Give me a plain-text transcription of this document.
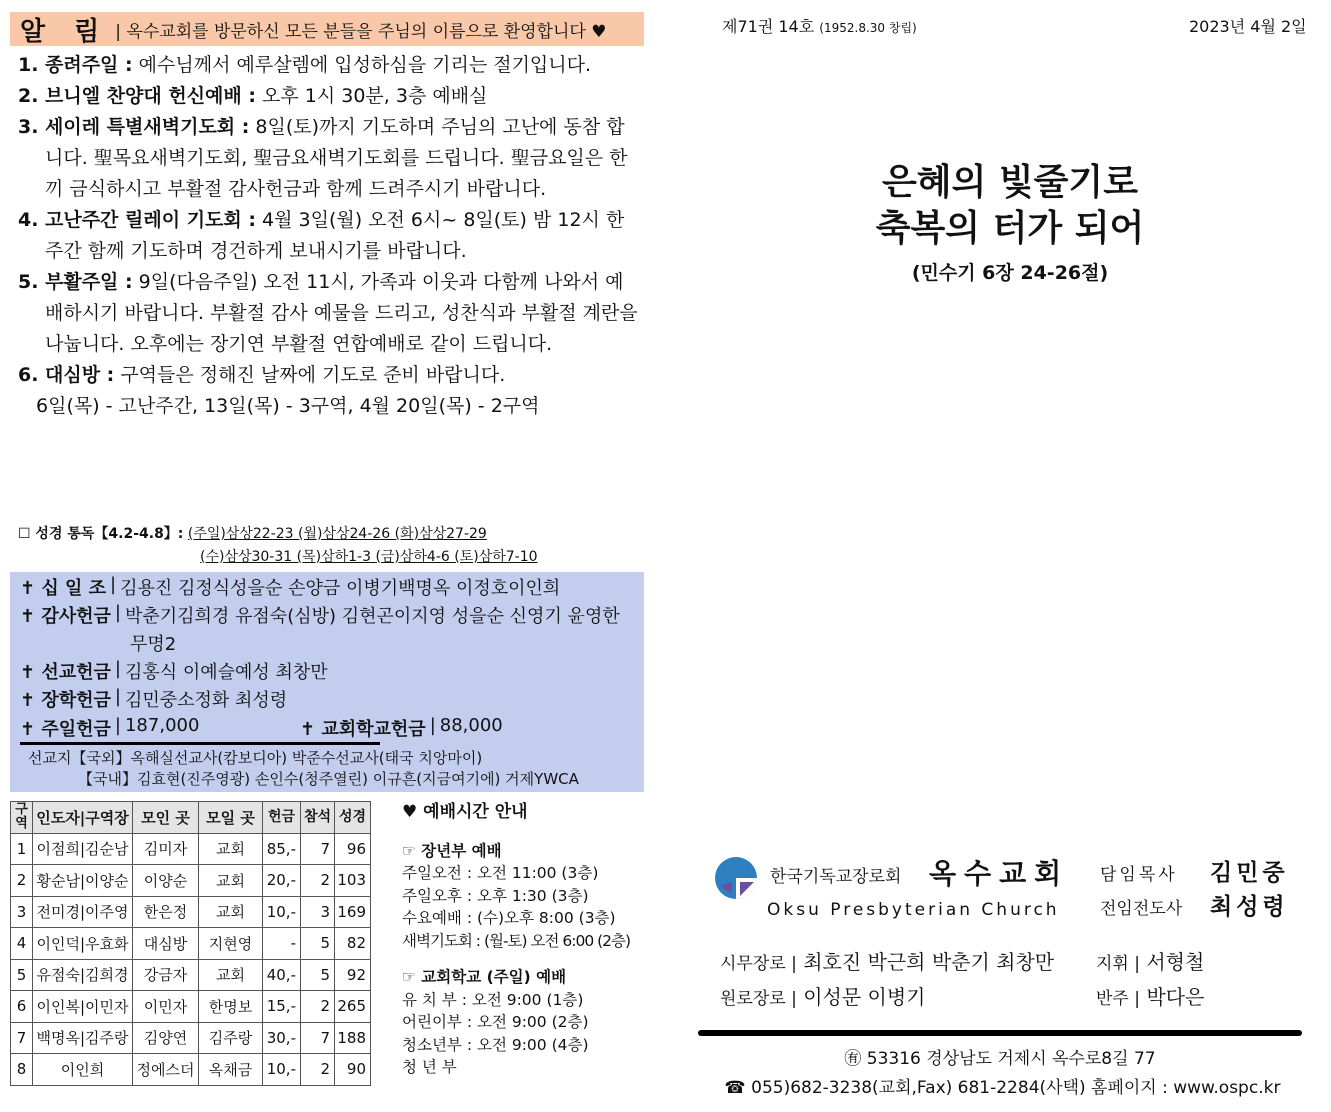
알 림 | 옥수교회를 방문하신 모든 분들을 주님의 이름으로 환영합니다 ♥
1. 종려주일 : 예수님께서 예루살렘에 입성하심을 기리는 절기입니다.
2. 브니엘 찬양대 헌신예배 : 오후 1시 30분, 3층 예배실
3. 세이레 특별새벽기도회 : 8일(토)까지 기도하며 주님의 고난에 동참 합니다. 聖목요새벽기도회, 聖금요새벽기도회를 드립니다. 聖금요일은 한끼 금식하시고 부활절 감사헌금과 함께 드려주시기 바랍니다.
4. 고난주간 릴레이 기도회 : 4월 3일(월) 오전 6시~ 8일(토) 밤 12시 한주간 함께 기도하며 경건하게 보내시기를 바랍니다.
5. 부활주일 : 9일(다음주일) 오전 11시, 가족과 이웃과 다함께 나와서 예배하시기 바랍니다. 부활절 감사 예물을 드리고, 성찬식과 부활절 계란을 나눕니다. 오후에는 장기연 부활절 연합예배로 같이 드립니다.
6. 대심방 : 구역들은 정해진 날짜에 기도로 준비 바랍니다.
6일(목) - 고난주간, 13일(목) - 3구역, 4월 20일(목) - 2구역
☐ 성경 통독【4.2-4.8】: (주일)삼상22-23 (월)삼상24-26 (화)삼상27-29
(수)삼상30-31 (목)삼하1-3 (금)삼하4-6 (토)삼하7-10
✝ 십 일 조 | 김용진 김정식성을순 손양금 이병기백명옥 이정호이인희
✝ 감사헌금 | 박춘기김희경 유점숙(심방) 김현곤이지영 성을순 신영기 윤영한
무명2
✝ 선교헌금 | 김홍식 이예슬예성 최창만
✝ 장학헌금 | 김민중소정화 최성령
✝ 주일헌금 | 187,000	✝ 교회학교헌금 | 88,000
선교지【국외】옥해실선교사(캄보디아) 박준수선교사(태국 치앙마이)
【국내】김효현(진주영광) 손인수(청주열린) 이규흔(지금여기에) 거제YWCA
구역	인도자|구역장	모인 곳	모일 곳	헌금	참석	성경
1	이점희|김순남	김미자	교회	85,-	7	96
2	황순남|이양순	이양순	교회	20,-	2	103
3	전미경|이주영	한은정	교회	10,-	3	169
4	이인덕|우효화	대심방	지현영	-	5	82
5	유점숙|김희경	강금자	교회	40,-	5	92
6	이인복|이민자	이민자	한명보	15,-	2	265
7	백명옥|김주랑	김양연	김주랑	30,-	7	188
8	이인희	정에스더	옥채금	10,-	2	90
♥ 예배시간 안내
☞ 장년부 예배
주일오전 : 오전 11:00 (3층)
주일오후 : 오후 1:30 (3층)
수요예배 : (수)오후 8:00 (3층)
새벽기도회 : (월-토) 오전 6:00 (2층)
☞ 교회학교 (주일) 예배
유 치 부 : 오전 9:00 (1층)
어린이부 : 오전 9:00 (2층)
청소년부 : 오전 9:00 (4층)
청 년 부
제71권 14호 (1952.8.30 창립)	2023년 4월 2일
은혜의 빛줄기로
축복의 터가 되어
(민수기 6장 24-26절)
한국기독교장로회 옥수교회
Oksu Presbyterian Church
담임목사 김민중
전임전도사 최성령
시무장로 | 최호진 박근희 박춘기 최창만
원로장로 | 이성문 이병기
지휘 | 서형철
반주 | 박다은
㊒ 53316 경상남도 거제시 옥수로8길 77
☎ 055)682-3238(교회,Fax) 681-2284(사택) 홈페이지 : www.ospc.kr
